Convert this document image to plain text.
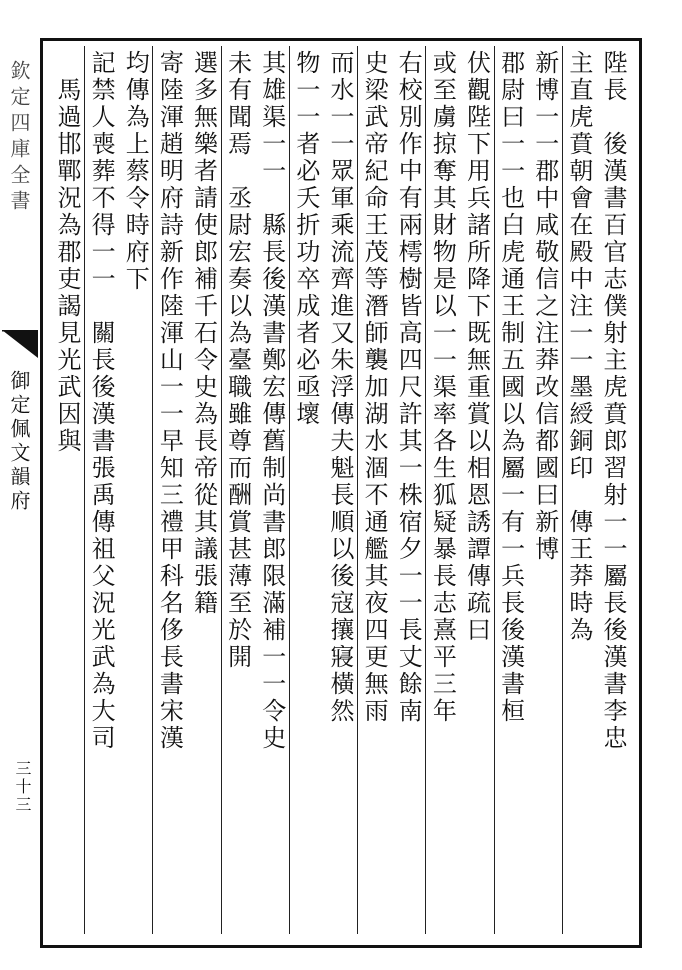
欽定四庫全書
御定佩文韻府
三十三
陛長　後漢書百官志僕射主虎賁郎習射一一屬長後漢書李忠
主直虎賁朝會在殿中注一一墨綬銅印　傳王莽時為
新博一一郡中咸敬信之注莽改信都國曰新博
郡尉曰一一也白虎通王制五國以為屬一有一兵長後漢書桓
伏觀陛下用兵諸所降下既無重賞以相恩誘譚傳疏曰
或至虜掠奪其財物是以一一渠率各生狐疑暴長志熹平三年
右校別作中有兩樗樹皆高四尺許其一株宿夕一一長丈餘南
史梁武帝紀命王茂等潛師襲加湖水涸不通艦其夜四更無雨
而水一一眾軍乘流齊進又朱浮傳夫魁長順以後寇攘寢橫然
物一一者必夭折功卒成者必亟壞
其雄渠一一　縣長後漢書鄭宏傳舊制尚書郎限滿補一一令史
未有聞焉　丞尉宏奏以為臺職雖尊而酬賞甚薄至於開
選多無樂者請使郎補千石令史為長帝從其議張籍
寄陸渾趙明府詩新作陸渾山一一早知三禮甲科名侈長書宋漢
均傳為上蔡令時府下
記禁人喪葬不得一一　關長後漢書張禹傳祖父況光武為大司
　馬過邯鄲況為郡吏謁見光武因與
